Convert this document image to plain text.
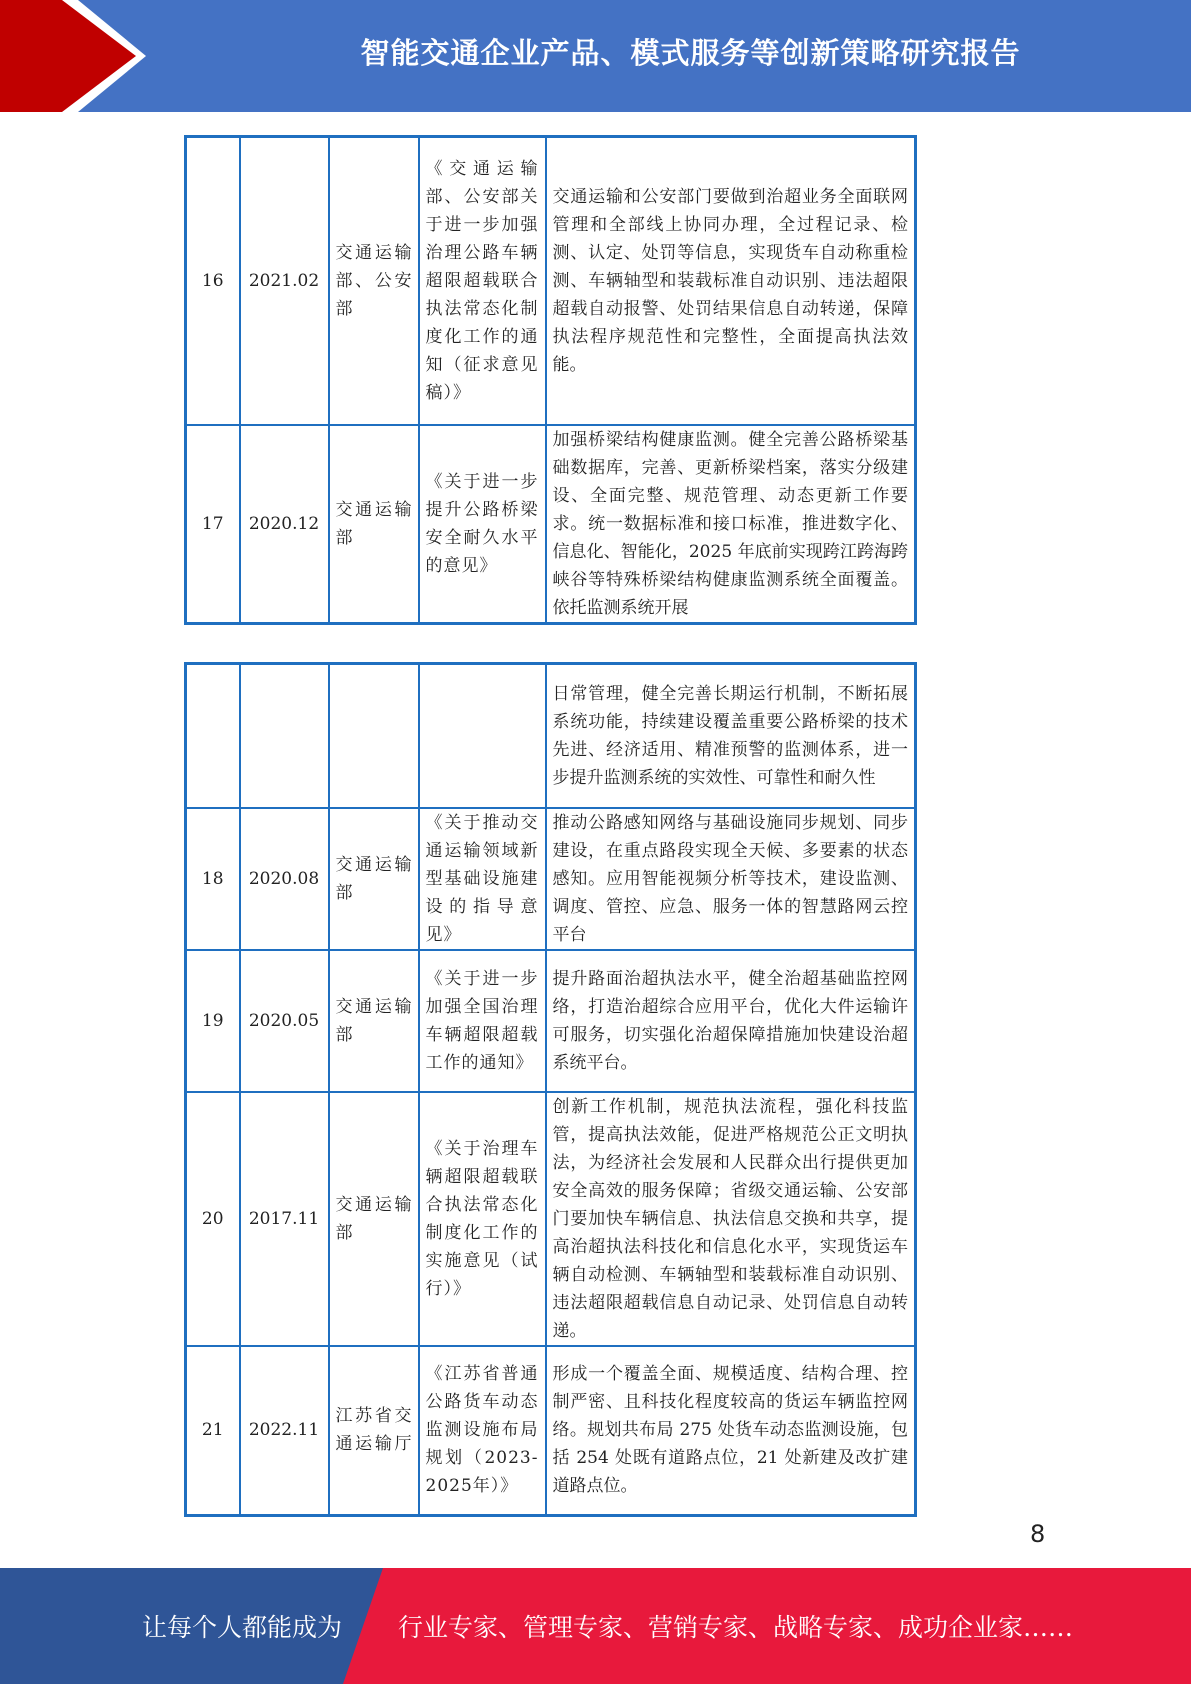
智能交通企业产品、模式服务等创新策略研究报告
16	2021.02	交通运输部、公安部	《交通运输部、公安部关于进一步加强治理公路车辆超限超载联合执法常态化制度化工作的通知（征求意见稿）》	交通运输和公安部门要做到治超业务全面联网管理和全部线上协同办理，全过程记录、检测、认定、处罚等信息，实现货车自动称重检测、车辆轴型和装载标准自动识别、违法超限超载自动报警、处罚结果信息自动转递，保障执法程序规范性和完整性，全面提高执法效能。
17	2020.12	交通运输部	《关于进一步提升公路桥梁安全耐久水平的意见》	加强桥梁结构健康监测。健全完善公路桥梁基础数据库，完善、更新桥梁档案，落实分级建设、全面完整、规范管理、动态更新工作要求。统一数据标准和接口标准，推进数字化、信息化、智能化，2025 年底前实现跨江跨海跨峡谷等特殊桥梁结构健康监测系统全面覆盖。依托监测系统开展
				日常管理，健全完善长期运行机制，不断拓展系统功能，持续建设覆盖重要公路桥梁的技术先进、经济适用、精准预警的监测体系，进一步提升监测系统的实效性、可靠性和耐久性
18	2020.08	交通运输部	《关于推动交通运输领域新型基础设施建设的指导意见》	推动公路感知网络与基础设施同步规划、同步建设，在重点路段实现全天候、多要素的状态感知。应用智能视频分析等技术，建设监测、调度、管控、应急、服务一体的智慧路网云控平台
19	2020.05	交通运输部	《关于进一步加强全国治理车辆超限超载工作的通知》	提升路面治超执法水平，健全治超基础监控网络，打造治超综合应用平台，优化大件运输许可服务，切实强化治超保障措施加快建设治超系统平台。
20	2017.11	交通运输部	《关于治理车辆超限超载联合执法常态化制度化工作的实施意见（试行）》	创新工作机制，规范执法流程，强化科技监管，提高执法效能，促进严格规范公正文明执法，为经济社会发展和人民群众出行提供更加安全高效的服务保障；省级交通运输、公安部门要加快车辆信息、执法信息交换和共享，提高治超执法科技化和信息化水平，实现货运车辆自动检测、车辆轴型和装载标准自动识别、违法超限超载信息自动记录、处罚信息自动转递。
21	2022.11	江苏省交通运输厅	《江苏省普通公路货车动态监测设施布局规划（2023-2025年）》	形成一个覆盖全面、规模适度、结构合理、控制严密、且科技化程度较高的货运车辆监控网络。规划共布局 275 处货车动态监测设施，包括 254 处既有道路点位，21 处新建及改扩建道路点位。
8
让每个人都能成为 行业专家、管理专家、营销专家、战略专家、成功企业家……
